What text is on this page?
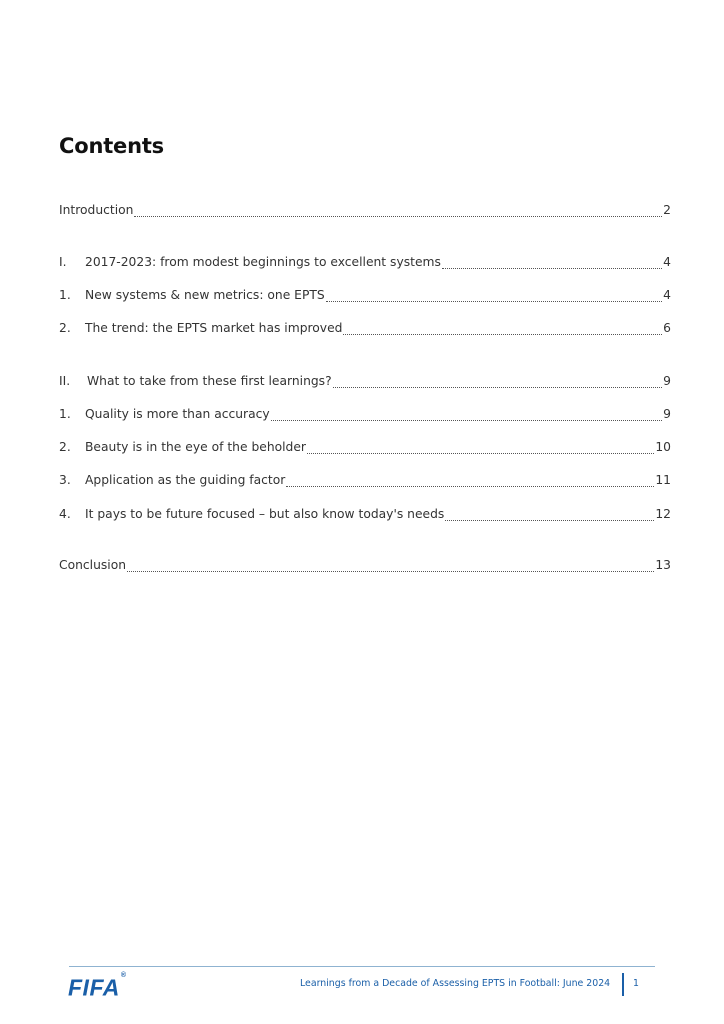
Contents
Introduction	2
I.	2017-2023: from modest beginnings to excellent systems	4
1.	New systems & new metrics: one EPTS	4
2.	The trend: the EPTS market has improved	6
II.	What to take from these first learnings?	9
1.	Quality is more than accuracy	9
2.	Beauty is in the eye of the beholder	10
3.	Application as the guiding factor	11
4.	It pays to be future focused – but also know today's needs	12
Conclusion	13
FIFA®
Learnings from a Decade of Assessing EPTS in Football: June 2024 1
